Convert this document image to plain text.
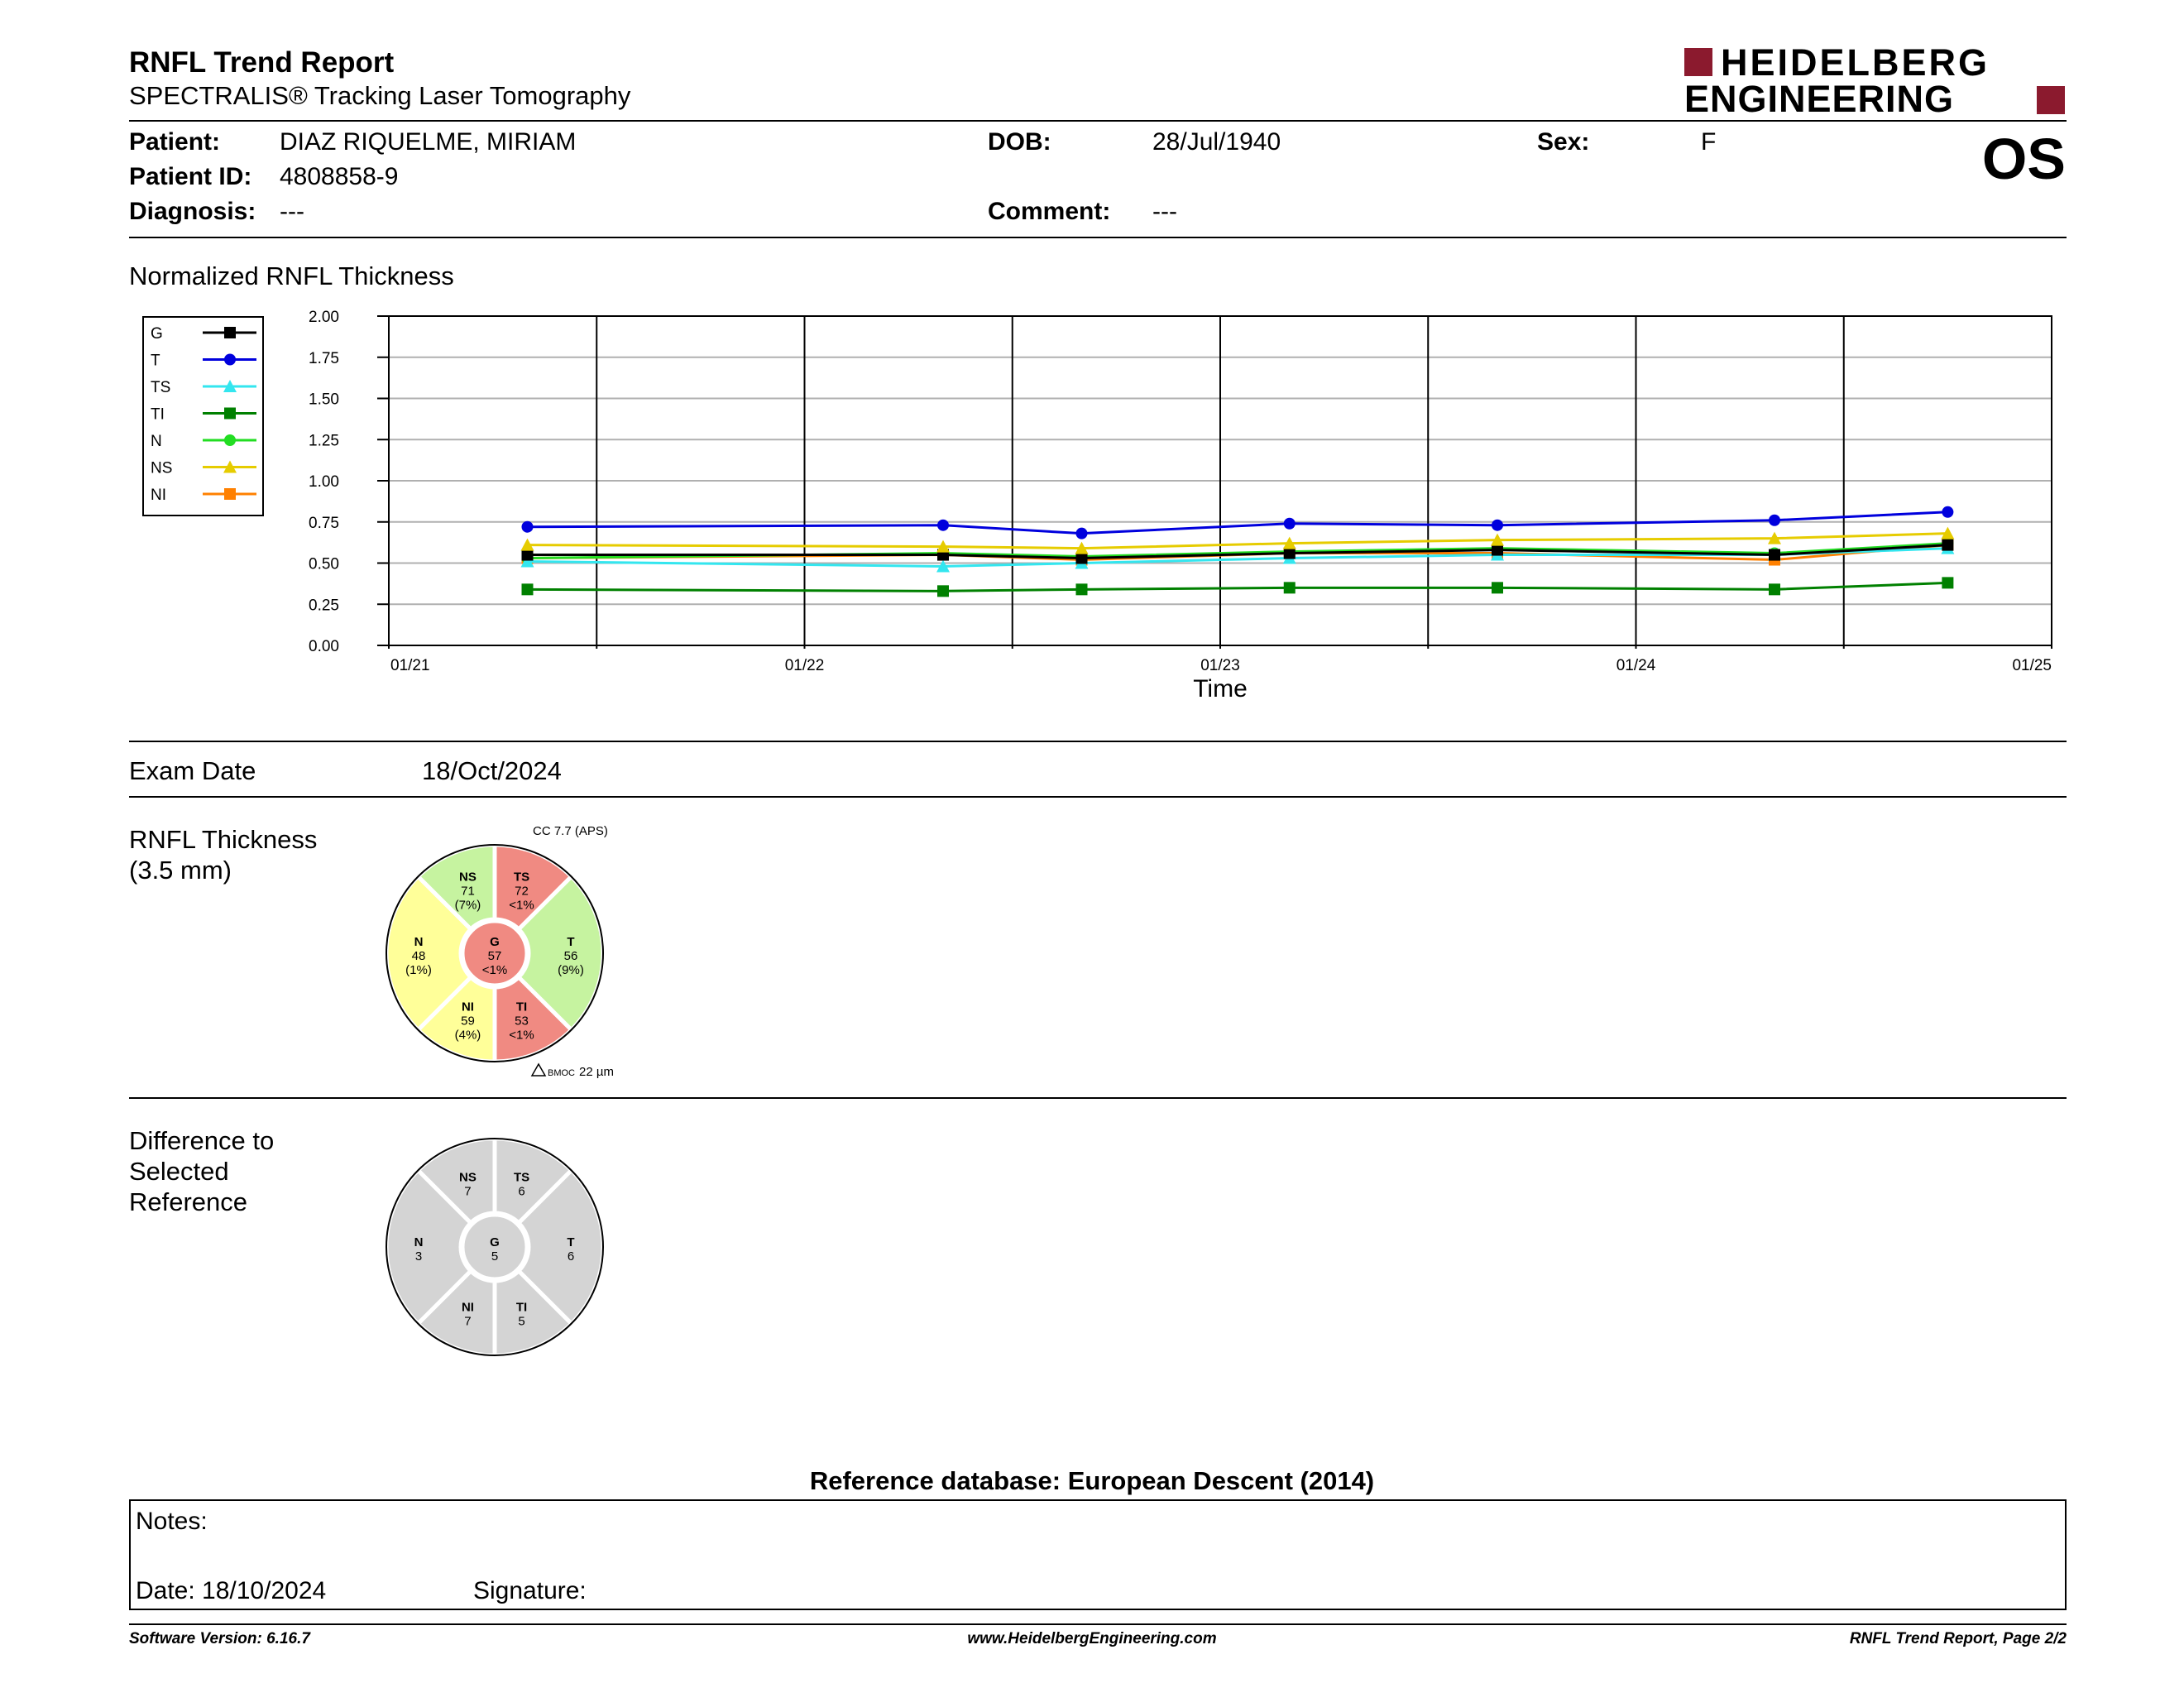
RNFL Trend Report
SPECTRALIS® Tracking Laser Tomography
HEIDELBERG
ENGINEERING
Patient: DIAZ RIQUELME, MIRIAM
Patient ID: 4808858-9
Diagnosis: ---
DOB:	28/Jul/1940
Comment: ---
Sex:	F	OS
Normalized RNFL Thickness
0.00
0.25
0.50
0.75
1.00
1.25
1.50
1.75
2.00
01/21	01/22	01/23	01/24	01/25
Time
G
T
TS
TI
N
NS
NI
Exam Date	18/Oct/2024
RNFL Thickness
(3.5 mm)	NS
71
(7%)
TS
72
<1%
T
56
(9%)
TI
53
<1%
NI
59
(4%)
N
48
(1%)
G
57
<1%
CC 7.7 (APS)
BMOC 22 µm
Difference to
Selected
Reference
NS
7
TS
6
T
6
TI
5
NI
7
N
3
G
5
Reference database: European Descent (2014)
Notes:
Date: 18/10/2024	Signature:
Software Version: 6.16.7	www.HeidelbergEngineering.com	RNFL Trend Report, Page 2/2
